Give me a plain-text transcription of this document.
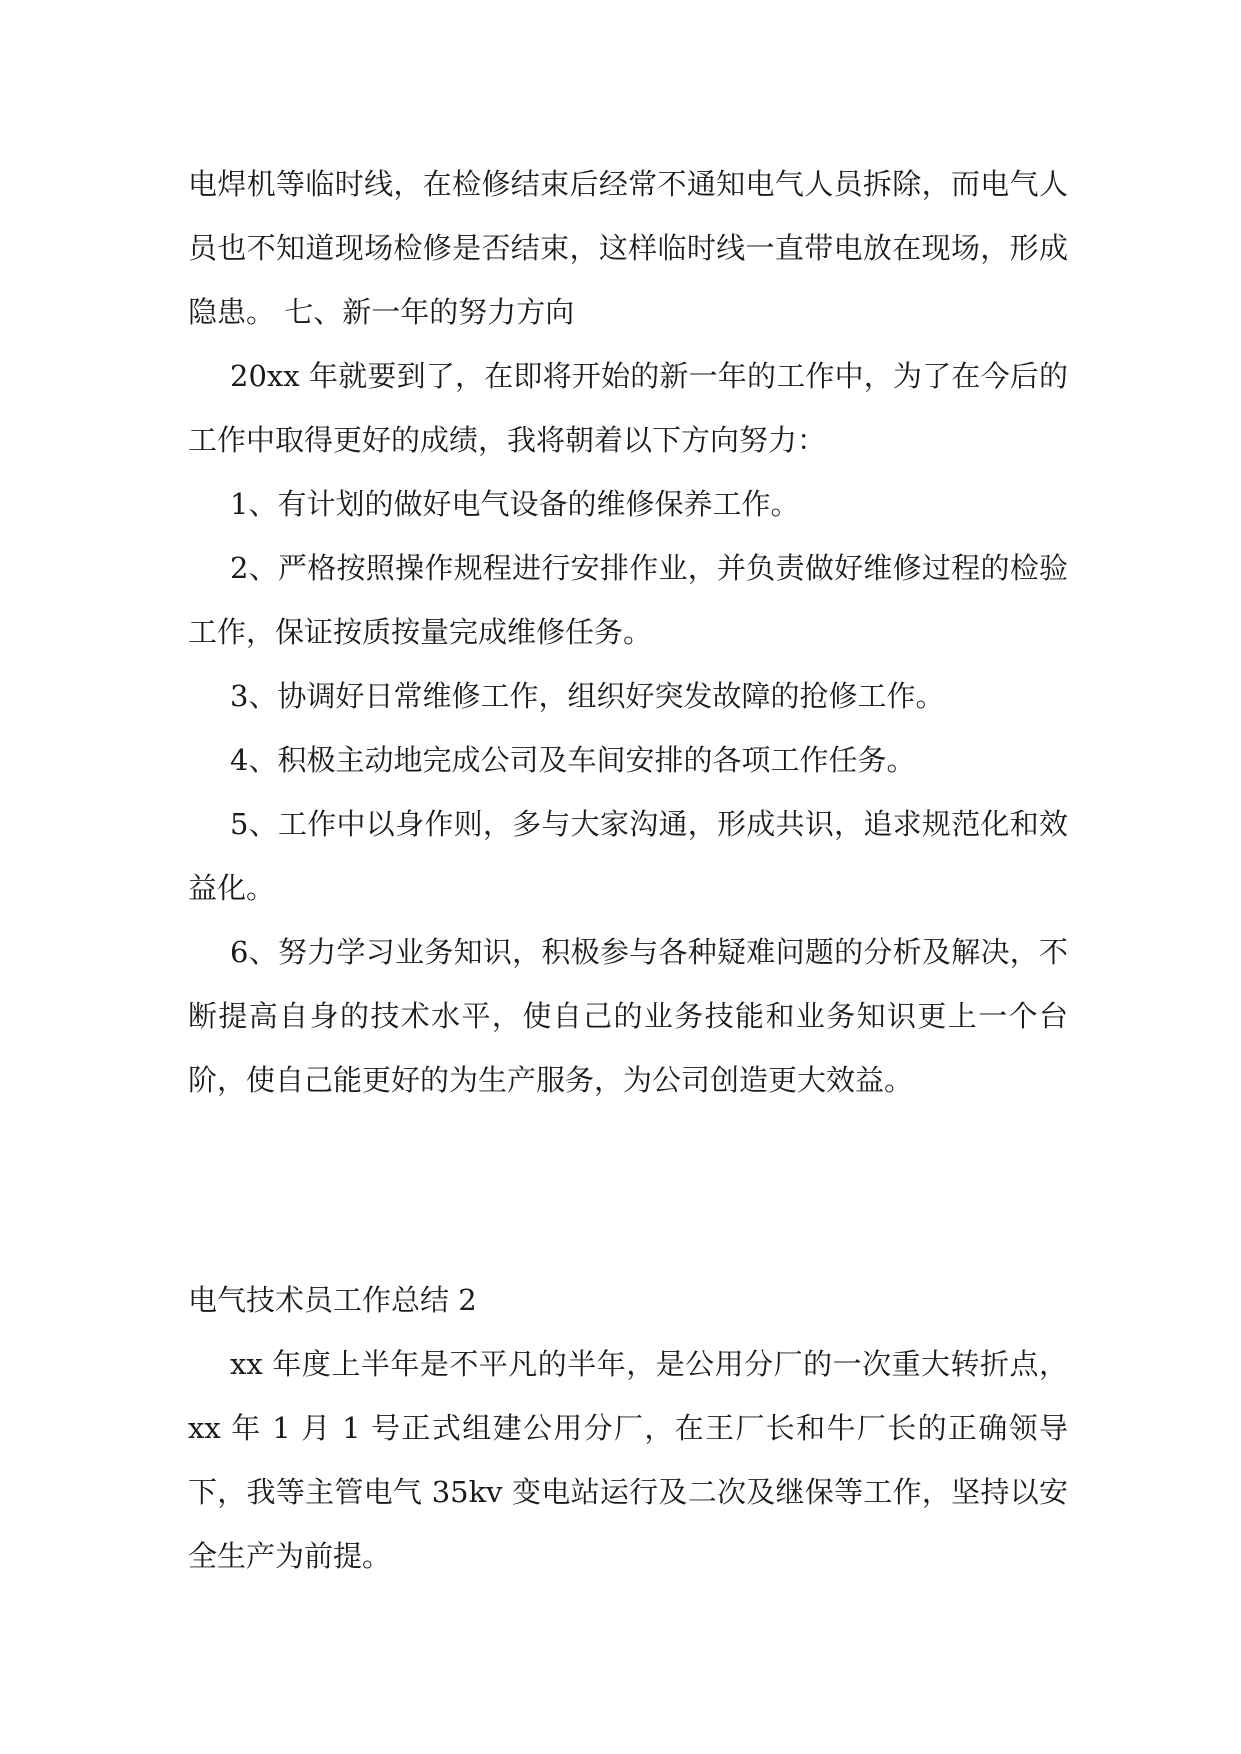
电焊机等临时线，在检修结束后经常不通知电气人员拆除，而电气人员也不知道现场检修是否结束，这样临时线一直带电放在现场，形成隐患。 七、新一年的努力方向

20xx 年就要到了，在即将开始的新一年的工作中，为了在今后的工作中取得更好的成绩，我将朝着以下方向努力：

1、有计划的做好电气设备的维修保养工作。

2、严格按照操作规程进行安排作业，并负责做好维修过程的检验工作，保证按质按量完成维修任务。

3、协调好日常维修工作，组织好突发故障的抢修工作。

4、积极主动地完成公司及车间安排的各项工作任务。

5、工作中以身作则，多与大家沟通，形成共识，追求规范化和效益化。

6、努力学习业务知识，积极参与各种疑难问题的分析及解决，不断提高自身的技术水平，使自己的业务技能和业务知识更上一个台阶，使自己能更好的为生产服务，为公司创造更大效益。

电气技术员工作总结 2

xx 年度上半年是不平凡的半年，是公用分厂的一次重大转折点，xx 年 1 月 1 号正式组建公用分厂，在王厂长和牛厂长的正确领导下，我等主管电气 35kv 变电站运行及二次及继保等工作，坚持以安全生产为前提。
